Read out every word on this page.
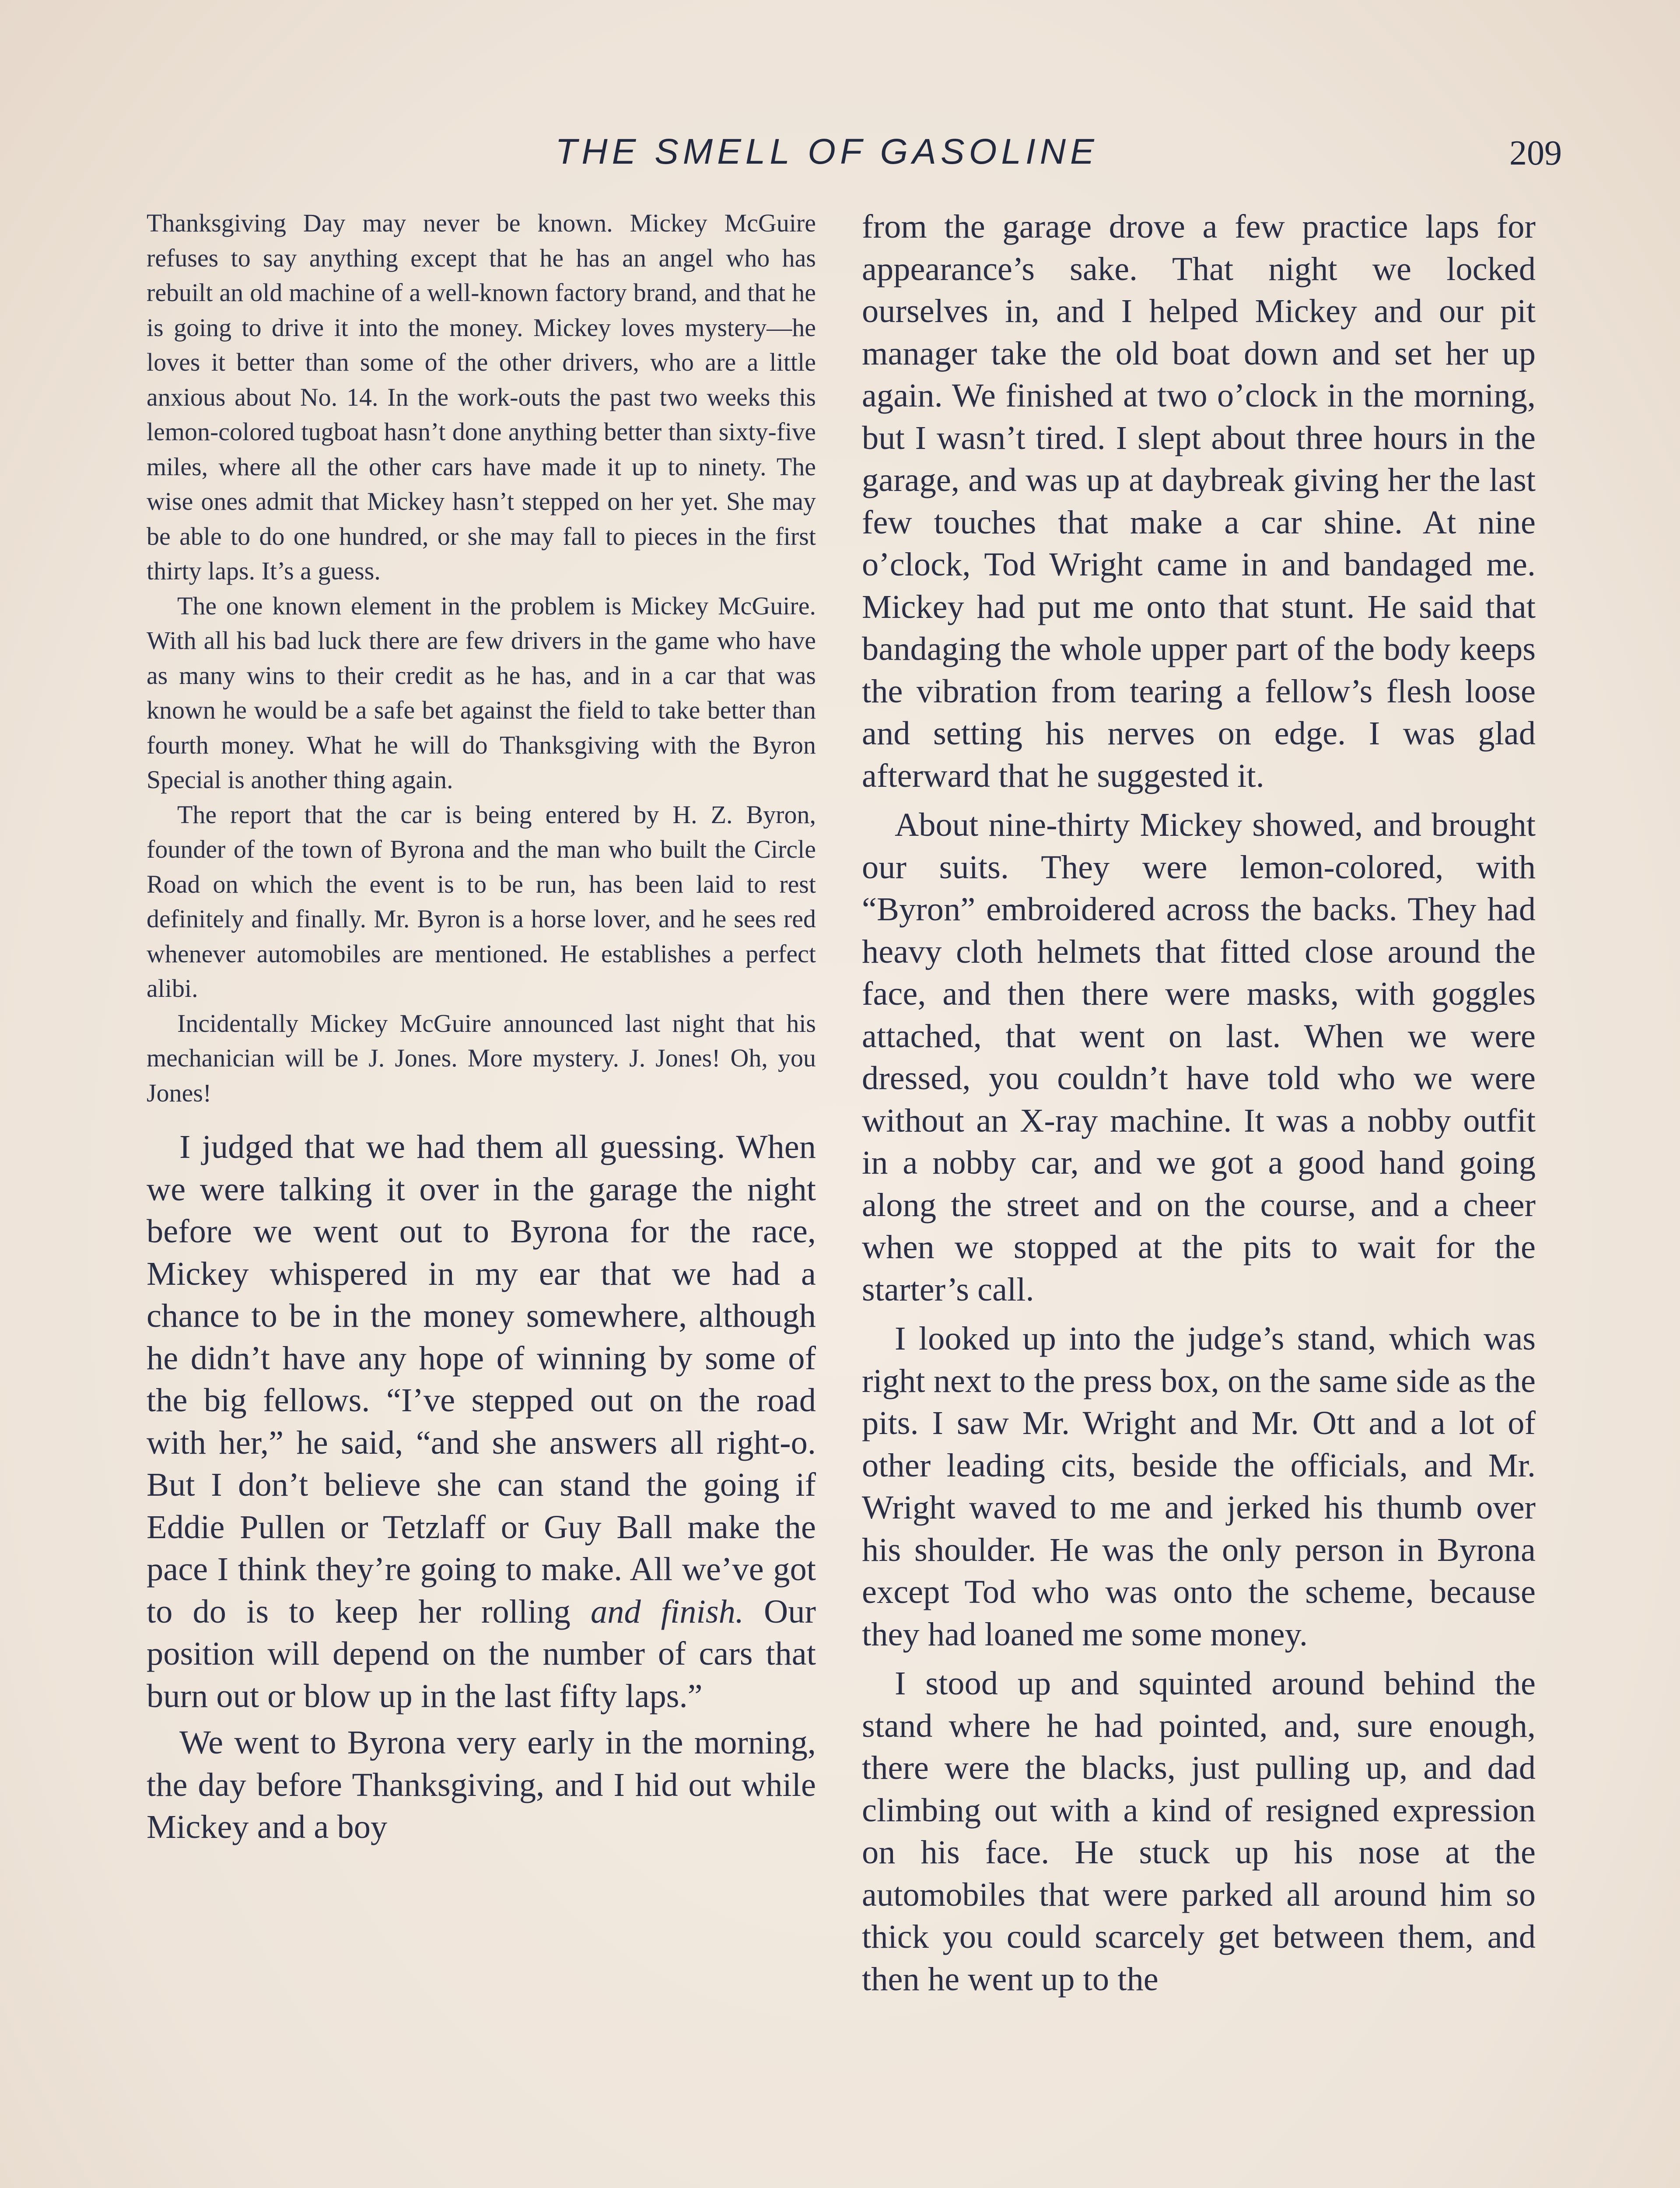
THE SMELL OF GASOLINE	209

Thanksgiving Day may never be known. Mickey McGuire refuses to say anything except that he has an angel who has rebuilt an old machine of a well-known factory brand, and that he is going to drive it into the money. Mickey loves mystery—he loves it better than some of the other drivers, who are a little anxious about No. 14. In the work-outs the past two weeks this lemon-colored tugboat hasn’t done anything better than sixty-five miles, where all the other cars have made it up to ninety. The wise ones admit that Mickey hasn’t stepped on her yet. She may be able to do one hundred, or she may fall to pieces in the first thirty laps. It’s a guess.

The one known element in the problem is Mickey McGuire. With all his bad luck there are few drivers in the game who have as many wins to their credit as he has, and in a car that was known he would be a safe bet against the field to take better than fourth money. What he will do Thanksgiving with the Byron Special is another thing again.

The report that the car is being entered by H. Z. Byron, founder of the town of Byrona and the man who built the Circle Road on which the event is to be run, has been laid to rest definitely and finally. Mr. Byron is a horse lover, and he sees red whenever automobiles are mentioned. He establishes a perfect alibi.

Incidentally Mickey McGuire announced last night that his mechanician will be J. Jones. More mystery. J. Jones! Oh, you Jones!

I judged that we had them all guessing. When we were talking it over in the garage the night before we went out to Byrona for the race, Mickey whispered in my ear that we had a chance to be in the money somewhere, although he didn’t have any hope of winning by some of the big fellows. “I’ve stepped out on the road with her,” he said, “and she answers all right-o. But I don’t believe she can stand the going if Eddie Pullen or Tetzlaff or Guy Ball make the pace I think they’re going to make. All we’ve got to do is to keep her rolling and finish. Our position will depend on the number of cars that burn out or blow up in the last fifty laps.”

We went to Byrona very early in the morning, the day before Thanksgiving, and I hid out while Mickey and a boy

from the garage drove a few practice laps for appearance’s sake. That night we locked ourselves in, and I helped Mickey and our pit manager take the old boat down and set her up again. We finished at two o’clock in the morning, but I wasn’t tired. I slept about three hours in the garage, and was up at daybreak giving her the last few touches that make a car shine. At nine o’clock, Tod Wright came in and bandaged me. Mickey had put me onto that stunt. He said that bandaging the whole upper part of the body keeps the vibration from tearing a fellow’s flesh loose and setting his nerves on edge. I was glad afterward that he suggested it.

About nine-thirty Mickey showed, and brought our suits. They were lemon-colored, with “Byron” embroidered across the backs. They had heavy cloth helmets that fitted close around the face, and then there were masks, with goggles attached, that went on last. When we were dressed, you couldn’t have told who we were without an X-ray machine. It was a nobby outfit in a nobby car, and we got a good hand going along the street and on the course, and a cheer when we stopped at the pits to wait for the starter’s call.

I looked up into the judge’s stand, which was right next to the press box, on the same side as the pits. I saw Mr. Wright and Mr. Ott and a lot of other leading cits, beside the officials, and Mr. Wright waved to me and jerked his thumb over his shoulder. He was the only person in Byrona except Tod who was onto the scheme, because they had loaned me some money.

I stood up and squinted around behind the stand where he had pointed, and, sure enough, there were the blacks, just pulling up, and dad climbing out with a kind of resigned expression on his face. He stuck up his nose at the automobiles that were parked all around him so thick you could scarcely get between them, and then he went up to the
